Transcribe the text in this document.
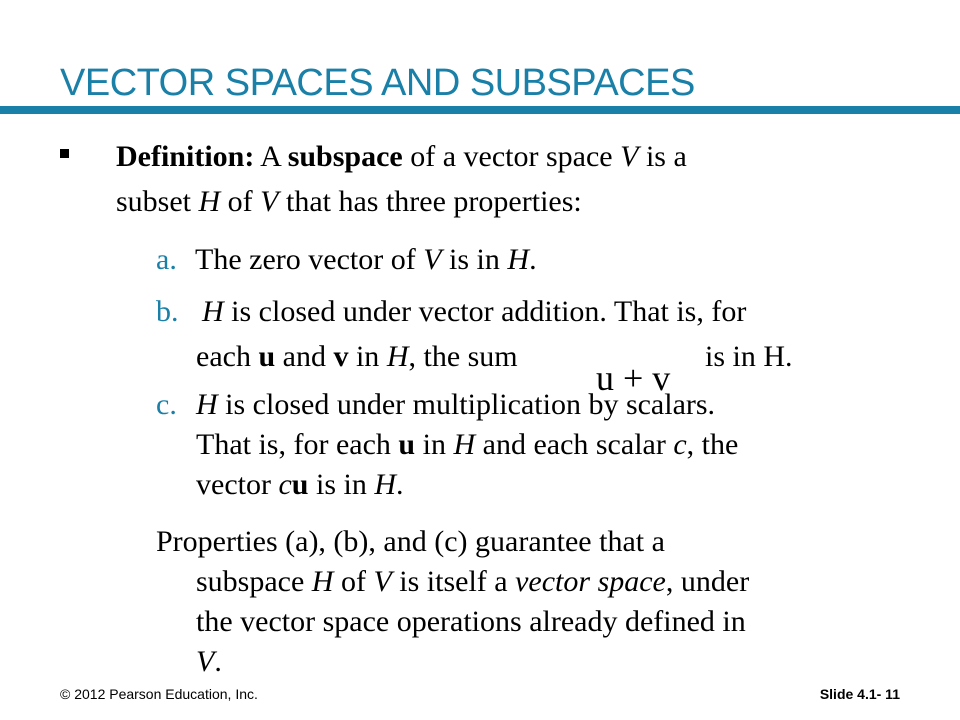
VECTOR SPACES AND SUBSPACES
Definition: A subspace of a vector space V is a
subset H of V that has three properties:
a. The zero vector of V is in H.
b. H is closed under vector addition. That is, for
each u and v in H, the sum
u + v
is in H.
c. H is closed under multiplication by scalars.
That is, for each u in H and each scalar c, the
vector cu is in H.
Properties (a), (b), and (c) guarantee that a
subspace H of V is itself a vector space, under
the vector space operations already defined in
V.
© 2012 Pearson Education, Inc.	Slide 4.1- 11
